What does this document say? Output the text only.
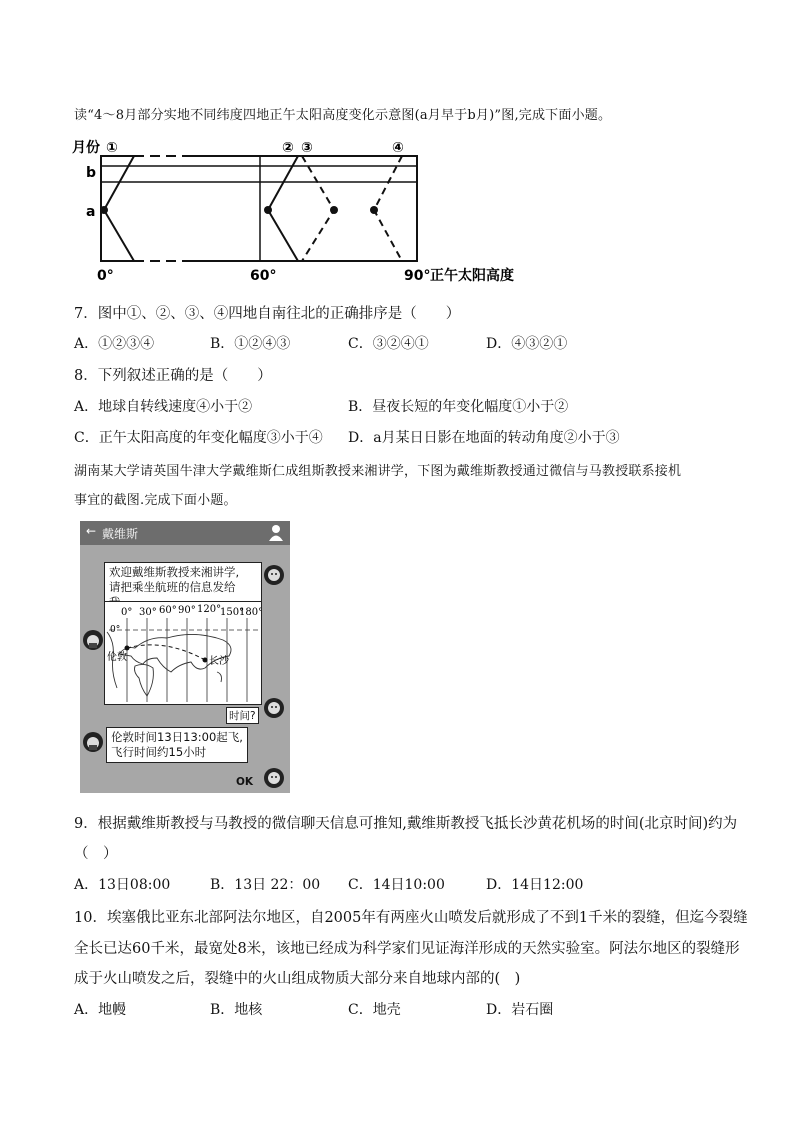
读“4～8月部分实地不同纬度四地正午太阳高度变化示意图(a月早于b月)”图,完成下面小题。
月份 ①	② ③	④
b
a
0°	60°	90° 正午太阳高度
7．图中①、②、③、④四地自南往北的正确排序是（　　）
A．①②③④	B．①②④③	C．③②④①	D．④③②①
8．下列叙述正确的是（　　）
A．地球自转线速度④小于②	B．昼夜长短的年变化幅度①小于②
C．正午太阳高度的年变化幅度③小于④ D．a月某日日影在地面的转动角度②小于③
湖南某大学请英国牛津大学戴维斯仁成组斯教授来湘讲学，下图为戴维斯教授通过微信与马教授联系接机
事宜的截图.完成下面小题。
← 戴维斯
欢迎戴维斯教授来湘讲学,
请把乘坐航班的信息发给
0°
0° 30° 60° 90° 120°
150°
180°
伦敦	长沙
时间?
伦敦时间13日13:00起飞,
飞行时间约15小时
OK
9．根据戴维斯教授与马教授的微信聊天信息可推知,戴维斯教授飞抵长沙黄花机场的时间(北京时间)约为
（　）
A．13日08:00	B．13日 22：00 C．14日10:00	D．14日12:00
10．埃塞俄比亚东北部阿法尔地区，自2005年有两座火山喷发后就形成了不到1千米的裂缝，但迄今裂缝
全长已达60千米，最宽处8米，该地已经成为科学家们见证海洋形成的天然实验室。阿法尔地区的裂缝形
成于火山喷发之后，裂缝中的火山组成物质大部分来自地球内部的(　)
A．地幔	B．地核	C．地壳	D．岩石圈
